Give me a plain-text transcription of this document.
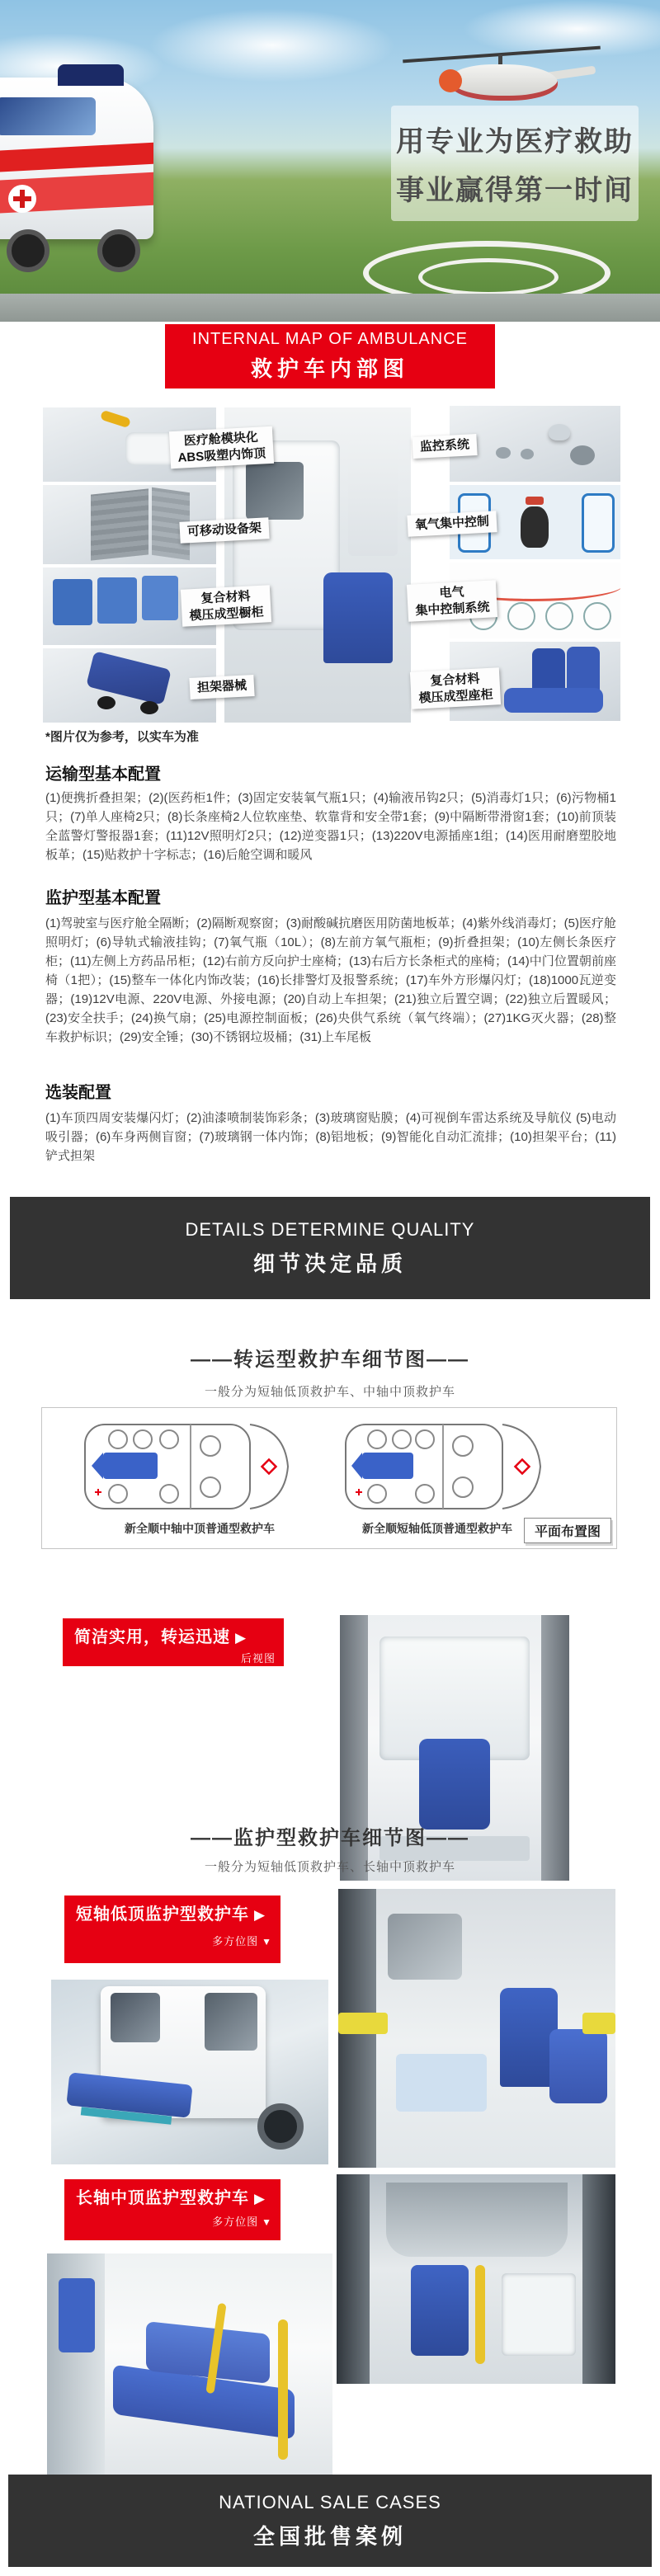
用专业为医疗救助
事业赢得第一时间
INTERNAL MAP OF AMBULANCE
救护车内部图
医疗舱模块化
ABS吸塑内饰顶
可移动设备架
监控系统
氧气集中控制
复合材料
模压成型橱柜
电气
集中控制系统
担架器械	复合材料
模压成型座柜
*图片仅为参考，以实车为准
运输型基本配置
(1)便携折叠担架；(2)(医药柜1件；(3)固定安装氧气瓶1只；(4)输液吊钩2只；(5)消毒灯1只；(6)污物桶1只；(7)单人座椅2只；(8)长条座椅2人位软座垫、软靠背和安全带1套；(9)中隔断带滑窗1套；(10)前顶装全蓝警灯警报器1套；(11)12V照明灯2只；(12)逆变器1只；(13)220V电源插座1组；(14)医用耐磨塑胶地板革；(15)贴救护十字标志；(16)后舱空调和暖风
监护型基本配置
(1)驾驶室与医疗舱全隔断；(2)隔断观察窗；(3)耐酸碱抗磨医用防菌地板革；(4)紫外线消毒灯；(5)医疗舱照明灯；(6)导轨式输液挂钩；(7)氧气瓶（10L）；(8)左前方氧气瓶柜；(9)折叠担架；(10)左侧长条医疗柜；(11)左侧上方药品吊柜；(12)右前方反向护士座椅；(13)右后方长条柜式的座椅；(14)中门位置朝前座椅（1把）；(15)整车一体化内饰改装；(16)长排警灯及报警系统；(17)车外方形爆闪灯；(18)1000瓦逆变器；(19)12V电源、220V电源、外接电源；(20)自动上车担架；(21)独立后置空调；(22)独立后置暖风；(23)安全扶手；(24)换气扇；(25)电源控制面板；(26)央供气系统（氧气终端）；(27)1KG灭火器；(28)整车救护标识；(29)安全锤；(30)不锈钢垃圾桶；(31)上车尾板
选装配置
(1)车顶四周安装爆闪灯；(2)油漆喷制装饰彩条；(3)玻璃窗贴膜；(4)可视倒车雷达系统及导航仪 (5)电动吸引器；(6)车身两侧盲窗；(7)玻璃钢一体内饰；(8)铝地板；(9)智能化自动汇流排；(10)担架平台；(11)铲式担架
DETAILS DETERMINE QUALITY
细节决定品质
——转运型救护车细节图——
一般分为短轴低顶救护车、中轴中顶救护车
新全顺中轴中顶普通型救护车	新全顺短轴低顶普通型救护车	平面布置图
简洁实用，转运迅速 ▶
后视图
——监护型救护车细节图——
一般分为短轴低顶救护车、长轴中顶救护车
短轴低顶监护型救护车 ▶
多方位图 ▼
长轴中顶监护型救护车 ▶
多方位图 ▼
NATIONAL SALE CASES
全国批售案例
